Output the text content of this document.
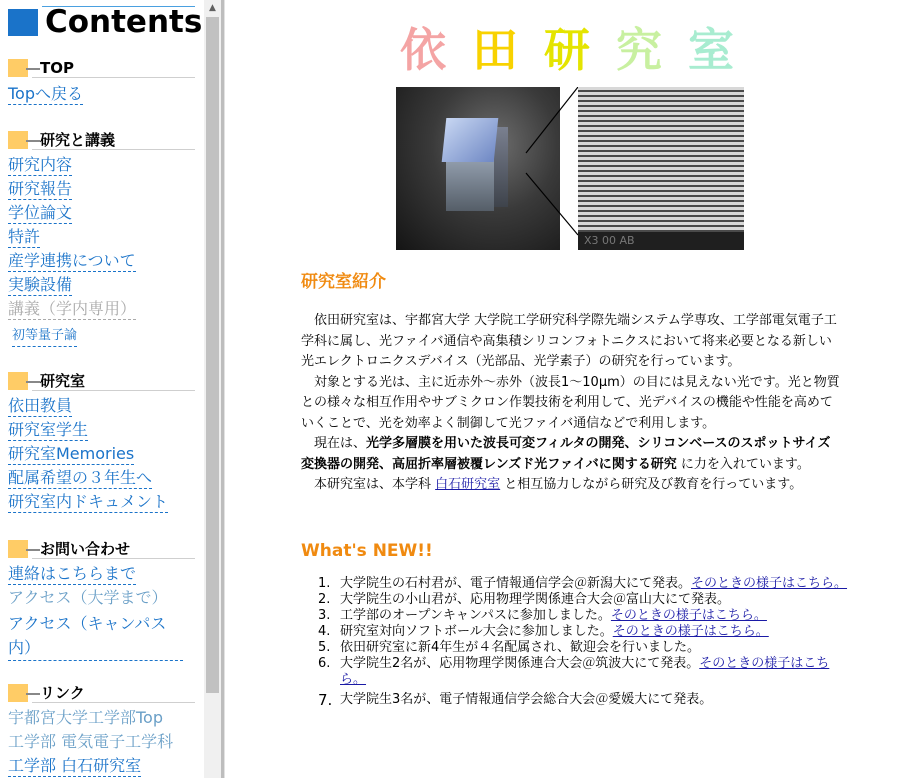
Contents
TOP
Topへ戻る
研究と講義
研究内容
研究報告
学位論文
特許
産学連携について
実験設備
講義（学内専用）
初等量子論
研究室
依田教員
研究室学生
研究室Memories
配属希望の３年生へ
研究室内ドキュメント
お問い合わせ
連絡はこちらまで
アクセス（大学まで）
アクセス（キャンパス内）
リンク
宇都宮大学工学部Top
工学部 電気電子工学科
工学部 白石研究室
▲
依 田 研 究 室
X3 00 AB
研究室紹介

依田研究室は、宇都宮大学 大学院工学研究科学際先端システム学専攻、工学部電気電子工学科に属し、光ファイバ通信や高集積シリコンフォトニクスにおいて将来必要となる新しい光エレクトロニクスデバイス（光部品、光学素子）の研究を行っています。

対象とする光は、主に近赤外～赤外（波長1～10μm）の目には見えない光です。光と物質との様々な相互作用やサブミクロン作製技術を利用して、光デバイスの機能や性能を高めていくことで、光を効率よく制御して光ファイバ通信などで利用します。

現在は、光学多層膜を用いた波長可変フィルタの開発、シリコンベースのスポットサイズ変換器の開発、高屈折率層被覆レンズド光ファイバに関する研究 に力を入れています。

本研究室は、本学科 白石研究室 と相互協力しながら研究及び教育を行っています。

What's NEW!!
1. 大学院生の石村君が、電子情報通信学会＠新潟大にて発表。そのときの様子はこちら。
2. 大学院生の小山君が、応用物理学関係連合大会＠富山大にて発表。
3. 工学部のオープンキャンパスに参加しました。そのときの様子はこちら。
4. 研究室対向ソフトボール大会に参加しました。そのときの様子はこちら。
5. 依田研究室に新4年生が４名配属され、歓迎会を行いました。
6. 大学院生2名が、応用物理学関係連合大会＠筑波大にて発表。そのときの様子はこちら。
7. 大学院生3名が、電子情報通信学会総合大会＠愛媛大にて発表。
